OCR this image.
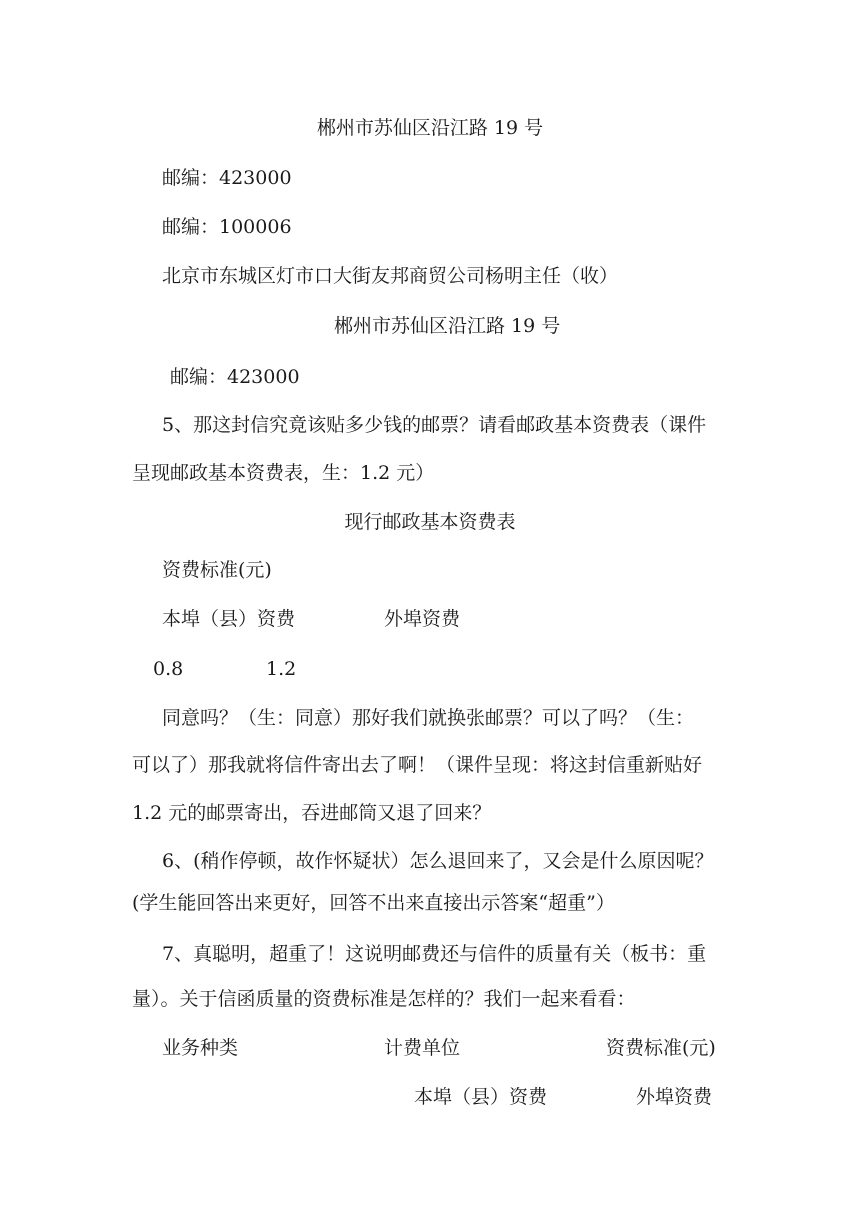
郴州市苏仙区沿江路 19 号
邮编：423000
邮编：100006
北京市东城区灯市口大街友邦商贸公司杨明主任（收）
郴州市苏仙区沿江路 19 号
邮编：423000
5、那这封信究竟该贴多少钱的邮票？请看邮政基本资费表（课件
呈现邮政基本资费表，生：1.2 元）
现行邮政基本资费表
资费标准(元)
本埠（县）资费	外埠资费
0.8	1.2
同意吗？（生：同意）那好我们就换张邮票？可以了吗？（生：
可以了）那我就将信件寄出去了啊！（课件呈现：将这封信重新贴好
1.2 元的邮票寄出，吞进邮筒又退了回来？
6、(稍作停顿，故作怀疑状）怎么退回来了，又会是什么原因呢？
(学生能回答出来更好，回答不出来直接出示答案“超重”）
7、真聪明，超重了！这说明邮费还与信件的质量有关（板书：重
量）。关于信函质量的资费标准是怎样的？我们一起来看看：
业务种类	计费单位	资费标准(元)
本埠（县）资费	外埠资费
